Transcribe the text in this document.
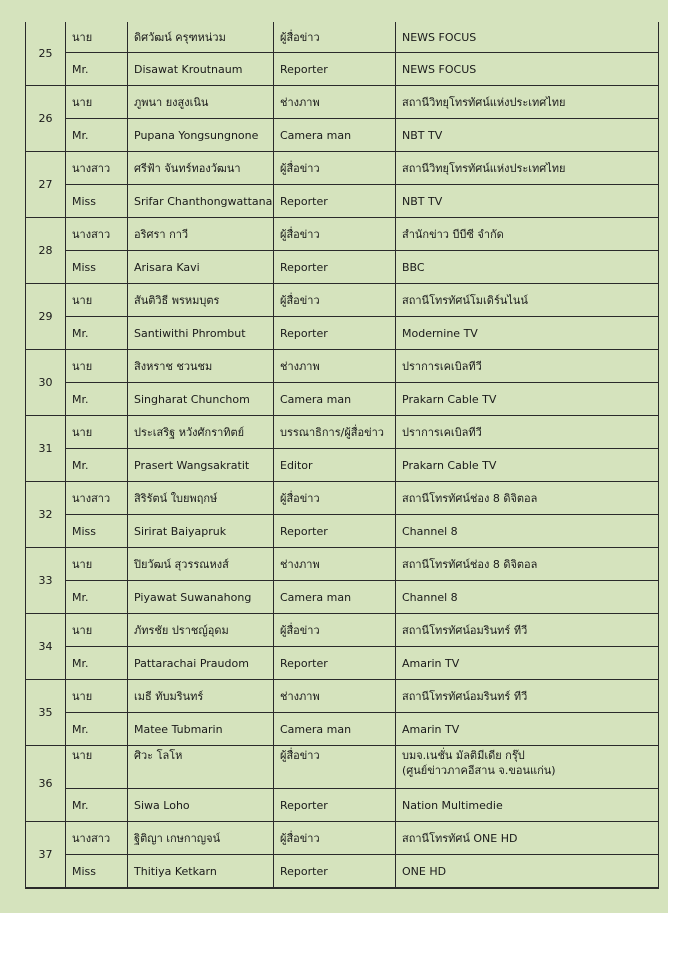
25	นาย	ดิศวัฒน์ ครุฑหน่วม	ผู้สื่อข่าว	NEWS FOCUS
	Mr.	Disawat Kroutnaum	Reporter	NEWS FOCUS
26	นาย	ภูพนา ยงสูงเนิน	ช่างภาพ	สถานีวิทยุโทรทัศน์แห่งประเทศไทย
	Mr.	Pupana Yongsungnone	Camera man	NBT TV
27	นางสาว	ศรีฟ้า จันทร์ทองวัฒนา	ผู้สื่อข่าว	สถานีวิทยุโทรทัศน์แห่งประเทศไทย
	Miss	Srifar Chanthongwattana	Reporter	NBT TV
28	นางสาว	อริศรา กาวี	ผู้สื่อข่าว	สำนักข่าว บีบีซี จำกัด
	Miss	Arisara Kavi	Reporter	BBC
29	นาย	สันติวิธี พรหมบุตร	ผู้สื่อข่าว	สถานีโทรทัศน์โมเดิร์นไนน์
	Mr.	Santiwithi Phrombut	Reporter	Modernine TV
30	นาย	สิงหราช ชวนชม	ช่างภาพ	ปราการเคเบิลทีวี
	Mr.	Singharat Chunchom	Camera man	Prakarn Cable TV
31	นาย	ประเสริฐ หวังศักราทิตย์	บรรณาธิการ/ผู้สื่อข่าว	ปราการเคเบิลทีวี
	Mr.	Prasert Wangsakratit	Editor	Prakarn Cable TV
32	นางสาว	สิริรัตน์ ใบยพฤกษ์	ผู้สื่อข่าว	สถานีโทรทัศน์ช่อง 8 ดิจิตอล
	Miss	Sirirat Baiyapruk	Reporter	Channel 8
33	นาย	ปิยวัฒน์ สุวรรณหงส์	ช่างภาพ	สถานีโทรทัศน์ช่อง 8 ดิจิตอล
	Mr.	Piyawat Suwanahong	Camera man	Channel 8
34	นาย	ภัทรชัย ปราชญ์อุดม	ผู้สื่อข่าว	สถานีโทรทัศน์อมรินทร์ ทีวี
	Mr.	Pattarachai Praudom	Reporter	Amarin TV
35	นาย	เมธี ทับมรินทร์	ช่างภาพ	สถานีโทรทัศน์อมรินทร์ ทีวี
	Mr.	Matee Tubmarin	Camera man	Amarin TV
36	นาย	ศิวะ โลโห	ผู้สื่อข่าว	บมจ.เนชั่น มัลติมีเดีย กรุ๊ป
(ศูนย์ข่าวภาคอีสาน จ.ขอนแก่น)

	Mr.	Siwa Loho	Reporter	Nation Multimedie
37	นางสาว	ฐิติญา เกษกาญจน์	ผู้สื่อข่าว	สถานีโทรทัศน์ ONE HD
	Miss	Thitiya Ketkarn	Reporter	ONE HD
